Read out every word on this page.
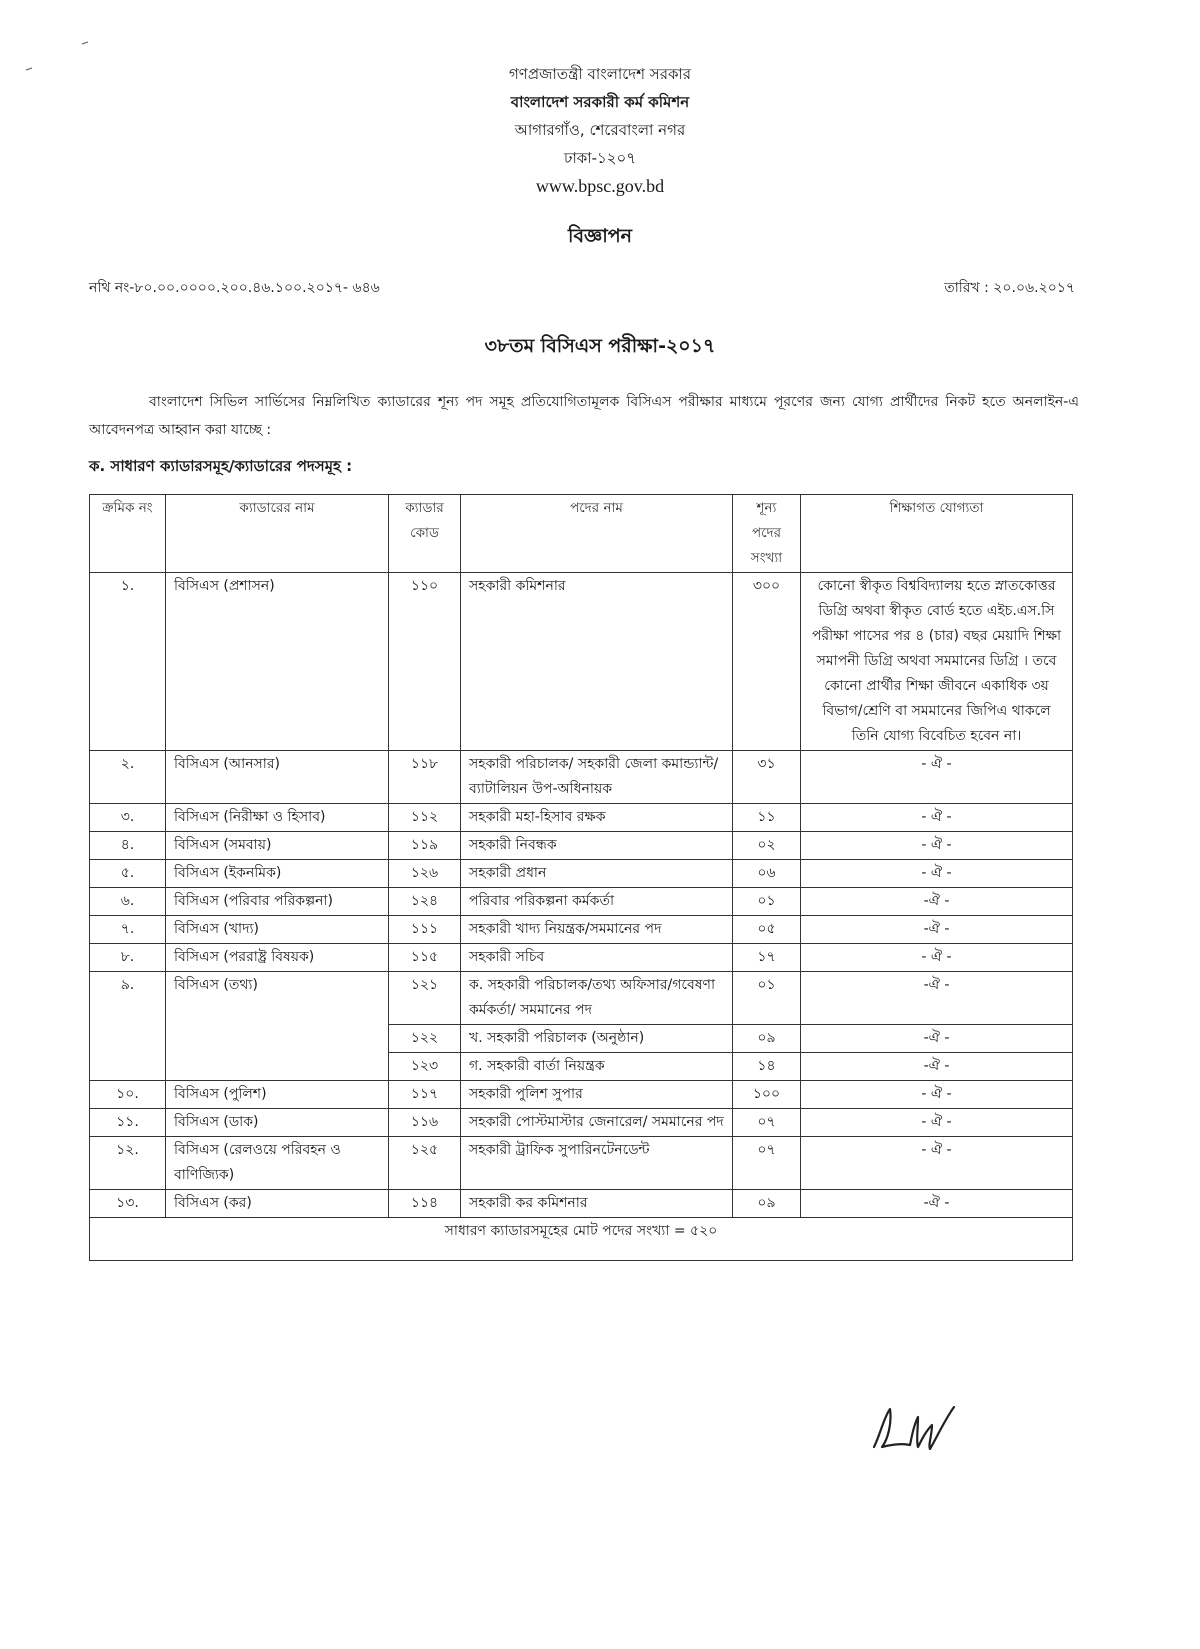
গণপ্রজাতন্ত্রী বাংলাদেশ সরকার
বাংলাদেশ সরকারী কর্ম কমিশন
আগারগাঁও, শেরেবাংলা নগর
ঢাকা-১২০৭
www.bpsc.gov.bd
বিজ্ঞাপন
নথি নং-৮০.০০.০০০০.২০০.৪৬.১০০.২০১৭- ৬৪৬	তারিখ : ২০.০৬.২০১৭
৩৮তম বিসিএস পরীক্ষা-২০১৭
বাংলাদেশ সিভিল সার্ভিসের নিম্নলিখিত ক্যাডারের শূন্য পদ সমূহ প্রতিযোগিতামূলক বিসিএস পরীক্ষার মাধ্যমে পূরণের জন্য যোগ্য প্রার্থীদের নিকট হতে অনলাইন-এ আবেদনপত্র আহ্বান করা যাচ্ছে :
ক. সাধারণ ক্যাডারসমূহ/ক্যাডারের পদসমূহ :
ক্রমিক নং	ক্যাডারের নাম	ক্যাডার কোড	পদের নাম	শূন্য পদের সংখ্যা	শিক্ষাগত যোগ্যতা
১.	বিসিএস (প্রশাসন)	১১০	সহকারী কমিশনার	৩০০	কোনো স্বীকৃত বিশ্ববিদ্যালয় হতে স্নাতকোত্তর ডিগ্রি অথবা স্বীকৃত বোর্ড হতে এইচ.এস.সি পরীক্ষা পাসের পর ৪ (চার) বছর মেয়াদি শিক্ষা সমাপনী ডিগ্রি অথবা সমমানের ডিগ্রি । তবে কোনো প্রার্থীর শিক্ষা জীবনে একাধিক ৩য় বিভাগ/শ্রেণি বা সমমানের জিপিএ থাকলে তিনি যোগ্য বিবেচিত হবেন না।
২.	বিসিএস (আনসার)	১১৮	সহকারী পরিচালক/ সহকারী জেলা কমান্ড্যান্ট/ব্যাটালিয়ন উপ-অধিনায়ক	৩১	- ঐ -
৩.	বিসিএস (নিরীক্ষা ও হিসাব)	১১২	সহকারী মহা-হিসাব রক্ষক	১১	- ঐ -
৪.	বিসিএস (সমবায়)	১১৯	সহকারী নিবন্ধক	০২	- ঐ -
৫.	বিসিএস (ইকনমিক)	১২৬	সহকারী প্রধান	০৬	- ঐ -
৬.	বিসিএস (পরিবার পরিকল্পনা)	১২৪	পরিবার পরিকল্পনা কর্মকর্তা	০১	-ঐ -
৭.	বিসিএস (খাদ্য)	১১১	সহকারী খাদ্য নিয়ন্ত্রক/সমমানের পদ	০৫	-ঐ -
৮.	বিসিএস (পররাষ্ট্র বিষয়ক)	১১৫	সহকারী সচিব	১৭	- ঐ -
৯.	বিসিএস (তথ্য)	১২১	ক. সহকারী পরিচালক/তথ্য অফিসার/গবেষণা কর্মকর্তা/ সমমানের পদ	০১	-ঐ -
		১২২	খ. সহকারী পরিচালক (অনুষ্ঠান)	০৯	-ঐ -
		১২৩	গ. সহকারী বার্তা নিয়ন্ত্রক	১৪	-ঐ -
১০.	বিসিএস (পুলিশ)	১১৭	সহকারী পুলিশ সুপার	১০০	- ঐ -
১১.	বিসিএস (ডাক)	১১৬	সহকারী পোস্টমাস্টার জেনারেল/ সমমানের পদ	০৭	- ঐ -
১২.	বিসিএস (রেলওয়ে পরিবহন ও বাণিজ্যিক)	১২৫	সহকারী ট্রাফিক সুপারিনটেনডেন্ট	০৭	- ঐ -
১৩.	বিসিএস (কর)	১১৪	সহকারী কর কমিশনার	০৯	-ঐ -
সাধারণ ক্যাডারসমূহের মোট পদের সংখ্যা = ৫২০					
